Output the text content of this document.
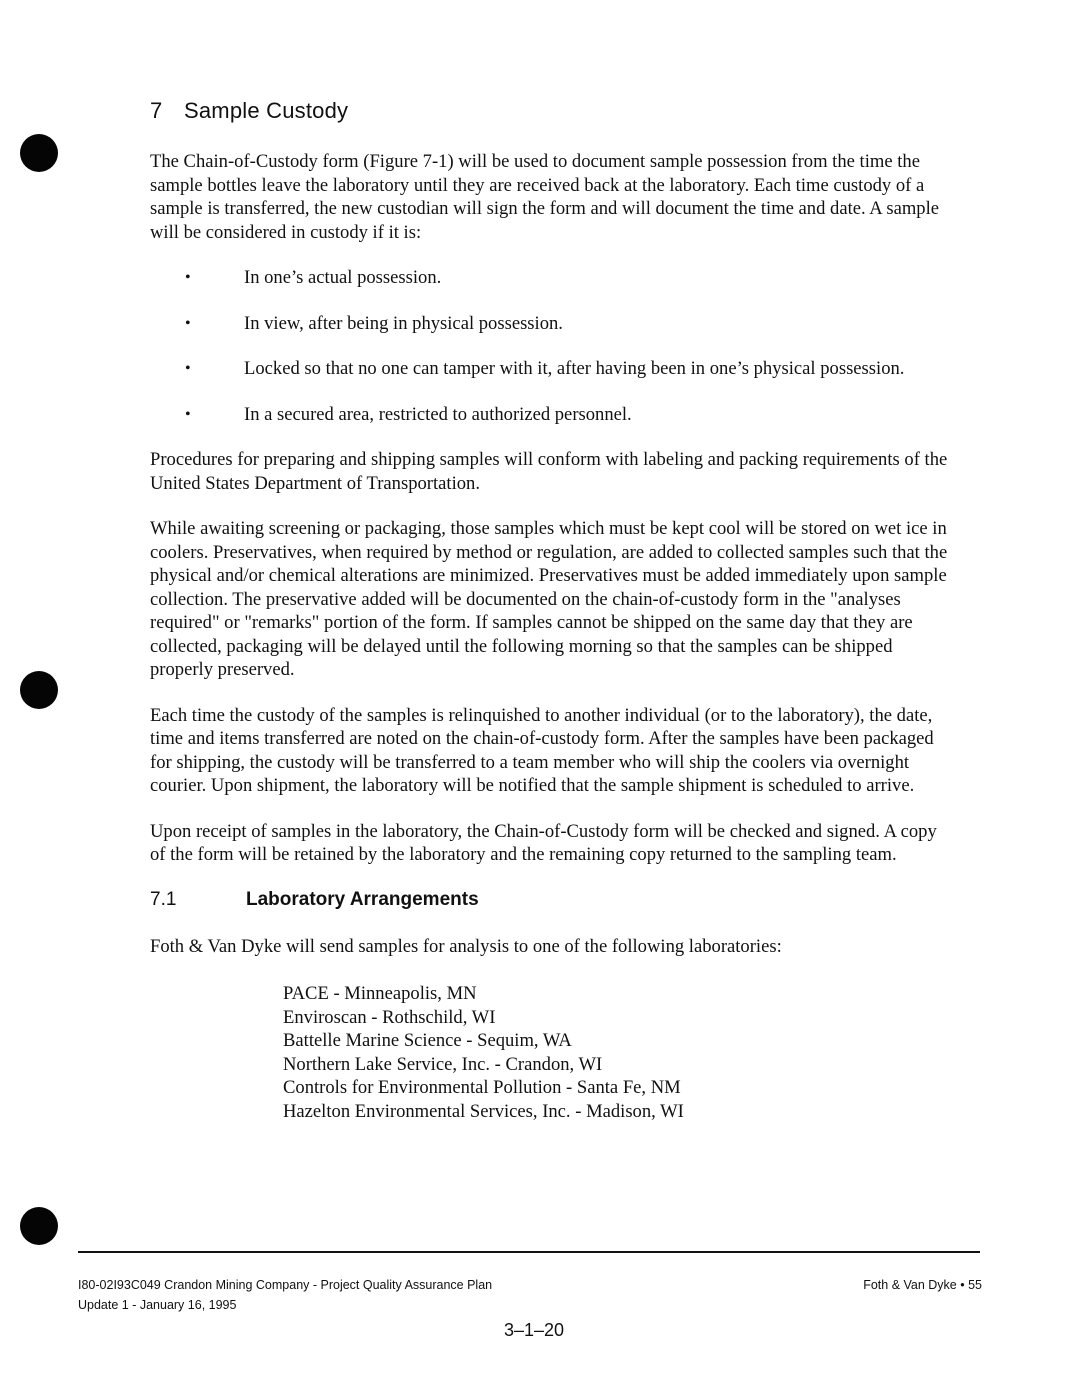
7 Sample Custody

The Chain-of-Custody form (Figure 7-1) will be used to document sample possession from the time the sample bottles leave the laboratory until they are received back at the laboratory. Each time custody of a sample is transferred, the new custodian will sign the form and will document the time and date. A sample will be considered in custody if it is:

•	In one’s actual possession.
•	In view, after being in physical possession.
•	Locked so that no one can tamper with it, after having been in one’s physical possession.
•	In a secured area, restricted to authorized personnel.

Procedures for preparing and shipping samples will conform with labeling and packing requirements of the United States Department of Transportation.

While awaiting screening or packaging, those samples which must be kept cool will be stored on wet ice in coolers. Preservatives, when required by method or regulation, are added to collected samples such that the physical and/or chemical alterations are minimized. Preservatives must be added immediately upon sample collection. The preservative added will be documented on the chain-of-custody form in the "analyses required" or "remarks" portion of the form. If samples cannot be shipped on the same day that they are collected, packaging will be delayed until the following morning so that the samples can be shipped properly preserved.

Each time the custody of the samples is relinquished to another individual (or to the laboratory), the date, time and items transferred are noted on the chain-of-custody form. After the samples have been packaged for shipping, the custody will be transferred to a team member who will ship the coolers via overnight courier. Upon shipment, the laboratory will be notified that the sample shipment is scheduled to arrive.

Upon receipt of samples in the laboratory, the Chain-of-Custody form will be checked and signed. A copy of the form will be retained by the laboratory and the remaining copy returned to the sampling team.

7.1	Laboratory Arrangements

Foth & Van Dyke will send samples for analysis to one of the following laboratories:

PACE - Minneapolis, MN
Enviroscan - Rothschild, WI
Battelle Marine Science - Sequim, WA
Northern Lake Service, Inc. - Crandon, WI
Controls for Environmental Pollution - Santa Fe, NM
Hazelton Environmental Services, Inc. - Madison, WI
I80-02I93C049 Crandon Mining Company - Project Quality Assurance Plan
Update 1 - January 16, 1995
Foth & Van Dyke • 55
3–1–20
